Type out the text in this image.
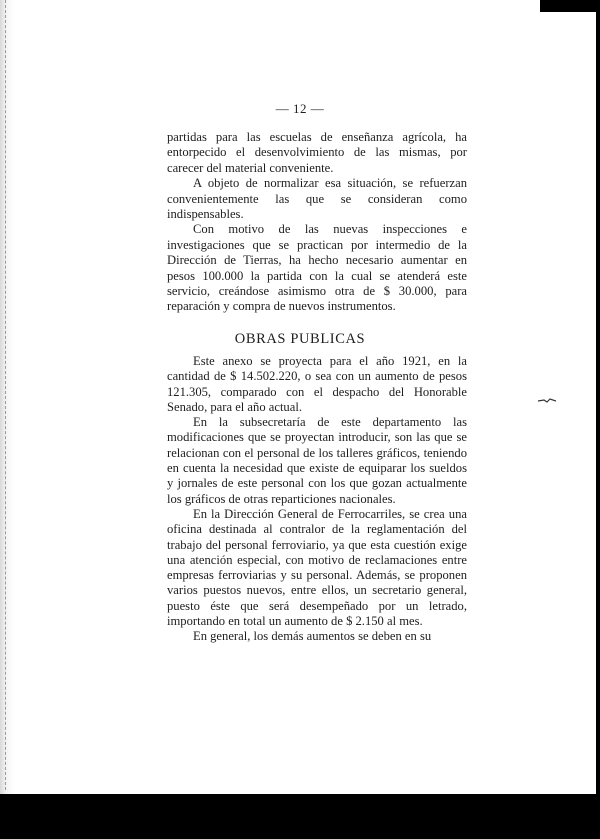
— 12 —

partidas para las escuelas de enseñanza agrícola, ha entorpecido el desenvolvimiento de las mismas, por carecer del material conveniente.

A objeto de normalizar esa situación, se refuerzan convenientemente las que se consideran como indispensables.

Con motivo de las nuevas inspecciones e investigaciones que se practican por intermedio de la Dirección de Tierras, ha hecho necesario aumentar en pesos 100.000 la partida con la cual se atenderá este servicio, creándose asimismo otra de $ 30.000, para reparación y compra de nuevos instrumentos.

OBRAS PUBLICAS

Este anexo se proyecta para el año 1921, en la cantidad de $ 14.502.220, o sea con un aumento de pesos 121.305, comparado con el despacho del Honorable Senado, para el año actual.

En la subsecretaría de este departamento las modificaciones que se proyectan introducir, son las que se relacionan con el personal de los talleres gráficos, teniendo en cuenta la necesidad que existe de equiparar los sueldos y jornales de este personal con los que gozan actualmente los gráficos de otras reparticiones nacionales.

En la Dirección General de Ferrocarriles, se crea una oficina destinada al contralor de la reglamentación del trabajo del personal ferroviario, ya que esta cuestión exige una atención especial, con motivo de reclamaciones entre empresas ferroviarias y su personal. Además, se proponen varios puestos nuevos, entre ellos, un secretario general, puesto éste que será desempeñado por un letrado, importando en total un aumento de $ 2.150 al mes.

En general, los demás aumentos se deben en su
